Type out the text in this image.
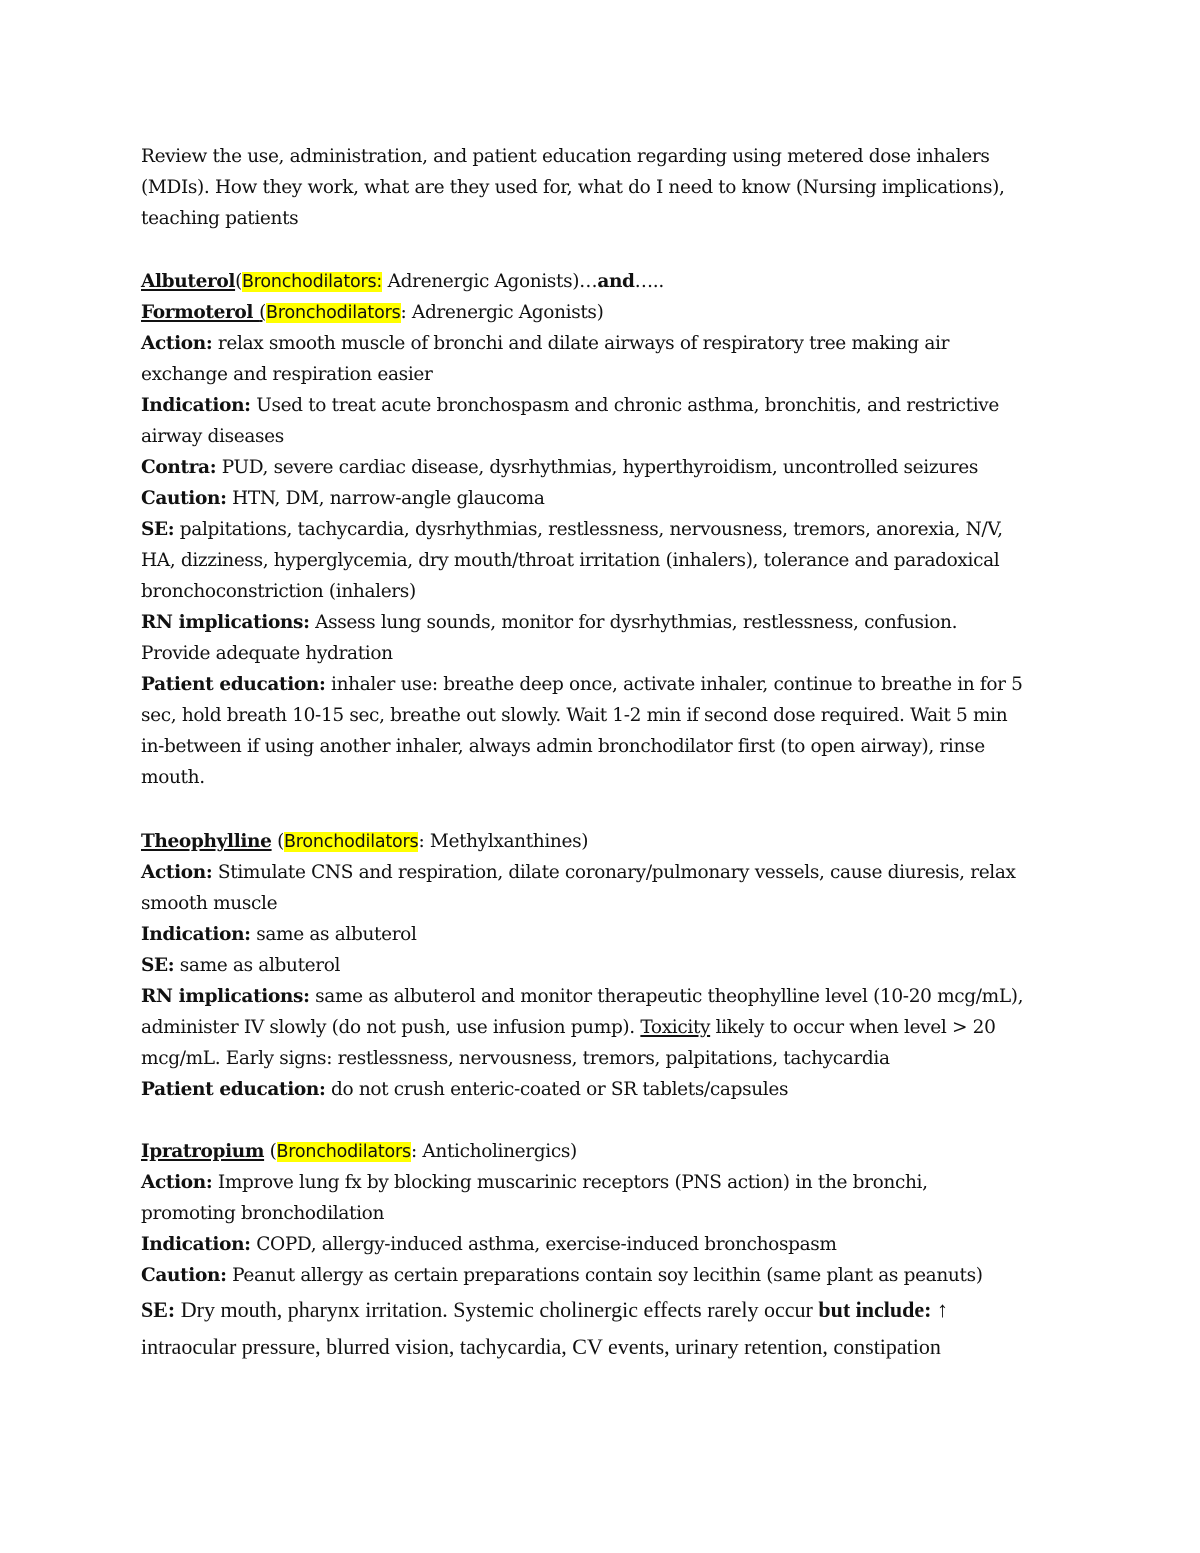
Review the use, administration, and patient education regarding using metered dose inhalers
(MDIs). How they work, what are they used for, what do I need to know (Nursing implications),
teaching patients
Albuterol(Bronchodilators: Adrenergic Agonists)…and…..
Formoterol (Bronchodilators: Adrenergic Agonists)
Action: relax smooth muscle of bronchi and dilate airways of respiratory tree making air
exchange and respiration easier
Indication: Used to treat acute bronchospasm and chronic asthma, bronchitis, and restrictive
airway diseases
Contra: PUD, severe cardiac disease, dysrhythmias, hyperthyroidism, uncontrolled seizures
Caution: HTN, DM, narrow-angle glaucoma
SE: palpitations, tachycardia, dysrhythmias, restlessness, nervousness, tremors, anorexia, N/V,
HA, dizziness, hyperglycemia, dry mouth/throat irritation (inhalers), tolerance and paradoxical
bronchoconstriction (inhalers)
RN implications: Assess lung sounds, monitor for dysrhythmias, restlessness, confusion.
Provide adequate hydration
Patient education: inhaler use: breathe deep once, activate inhaler, continue to breathe in for 5
sec, hold breath 10-15 sec, breathe out slowly. Wait 1-2 min if second dose required. Wait 5 min
in-between if using another inhaler, always admin bronchodilator first (to open airway), rinse
mouth.
Theophylline (Bronchodilators: Methylxanthines)
Action: Stimulate CNS and respiration, dilate coronary/pulmonary vessels, cause diuresis, relax
smooth muscle
Indication: same as albuterol
SE: same as albuterol
RN implications: same as albuterol and monitor therapeutic theophylline level (10-20 mcg/mL),
administer IV slowly (do not push, use infusion pump). Toxicity likely to occur when level > 20
mcg/mL. Early signs: restlessness, nervousness, tremors, palpitations, tachycardia
Patient education: do not crush enteric-coated or SR tablets/capsules
Ipratropium (Bronchodilators: Anticholinergics)
Action: Improve lung fx by blocking muscarinic receptors (PNS action) in the bronchi,
promoting bronchodilation
Indication: COPD, allergy-induced asthma, exercise-induced bronchospasm
Caution: Peanut allergy as certain preparations contain soy lecithin (same plant as peanuts)
SE: Dry mouth, pharynx irritation. Systemic cholinergic effects rarely occur but include: ↑
intraocular pressure, blurred vision, tachycardia, CV events, urinary retention, constipation
